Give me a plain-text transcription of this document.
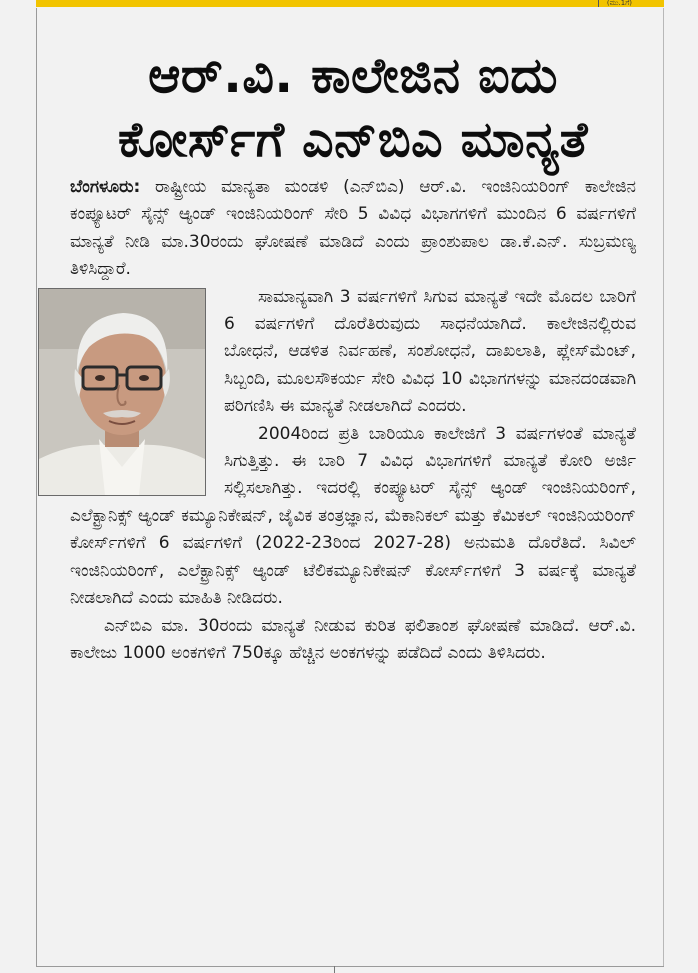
(ಮು.1ಗೆ)
ಆರ್.ವಿ. ಕಾಲೇಜಿನ ಐದು ಕೋರ್ಸ್‌ಗೆ ಎನ್‌ಬಿಎ ಮಾನ್ಯತೆ

ಬೆಂಗಳೂರು: ರಾಷ್ಟ್ರೀಯ ಮಾನ್ಯತಾ ಮಂಡಳಿ (ಎನ್‌ಬಿಎ) ಆರ್.ವಿ. ಇಂಜಿನಿಯರಿಂಗ್ ಕಾಲೇಜಿನ ಕಂಪ್ಯೂಟರ್ ಸೈನ್ಸ್ ಆ್ಯಂಡ್ ಇಂಜಿನಿಯರಿಂಗ್ ಸೇರಿ 5 ವಿವಿಧ ವಿಭಾಗಗಳಿಗೆ ಮುಂದಿನ 6 ವರ್ಷಗಳಿಗೆ ಮಾನ್ಯತೆ ನೀಡಿ ಮಾ.30ರಂದು ಘೋಷಣೆ ಮಾಡಿದೆ ಎಂದು ಪ್ರಾಂಶುಪಾಲ ಡಾ.ಕೆ.ಎನ್. ಸುಬ್ರಮಣ್ಯ ತಿಳಿಸಿದ್ದಾರೆ.

ಸಾಮಾನ್ಯವಾಗಿ 3 ವರ್ಷಗಳಿಗೆ ಸಿಗುವ ಮಾನ್ಯತೆ ಇದೇ ಮೊದಲ ಬಾರಿಗೆ 6 ವರ್ಷಗಳಿಗೆ ದೊರೆತಿರುವುದು ಸಾಧನೆಯಾಗಿದೆ. ಕಾಲೇಜಿನಲ್ಲಿರುವ ಬೋಧನೆ, ಆಡಳಿತ ನಿರ್ವಹಣೆ, ಸಂಶೋಧನೆ, ದಾಖಲಾತಿ, ಪ್ಲೇಸ್‌ಮೆಂಟ್, ಸಿಬ್ಬಂದಿ, ಮೂಲಸೌಕರ್ಯ ಸೇರಿ ವಿವಿಧ 10 ವಿಭಾಗಗಳನ್ನು ಮಾನದಂಡವಾಗಿ ಪರಿಗಣಿಸಿ ಈ ಮಾನ್ಯತೆ ನೀಡಲಾಗಿದೆ ಎಂದರು.

2004ರಿಂದ ಪ್ರತಿ ಬಾರಿಯೂ ಕಾಲೇಜಿಗೆ 3 ವರ್ಷಗಳಂತೆ ಮಾನ್ಯತೆ ಸಿಗುತ್ತಿತ್ತು. ಈ ಬಾರಿ 7 ವಿವಿಧ ವಿಭಾಗಗಳಿಗೆ ಮಾನ್ಯತೆ ಕೋರಿ ಅರ್ಜಿ ಸಲ್ಲಿಸಲಾಗಿತ್ತು. ಇದರಲ್ಲಿ ಕಂಪ್ಯೂಟರ್ ಸೈನ್ಸ್ ಆ್ಯಂಡ್ ಇಂಜಿನಿಯರಿಂಗ್, ಎಲೆಕ್ಟ್ರಾನಿಕ್ಸ್ ಆ್ಯಂಡ್ ಕಮ್ಯೂನಿಕೇಷನ್, ಜೈವಿಕ ತಂತ್ರಜ್ಞಾನ, ಮೆಕಾನಿಕಲ್ ಮತ್ತು ಕೆಮಿಕಲ್ ಇಂಜಿನಿಯರಿಂಗ್ ಕೋರ್ಸ್‌ಗಳಿಗೆ 6 ವರ್ಷಗಳಿಗೆ (2022-23ರಿಂದ 2027-28) ಅನುಮತಿ ದೊರೆತಿದೆ. ಸಿವಿಲ್ ಇಂಜಿನಿಯರಿಂಗ್, ಎಲೆಕ್ಟ್ರಾನಿಕ್ಸ್ ಆ್ಯಂಡ್ ಟೆಲಿಕಮ್ಯೂನಿಕೇಷನ್ ಕೋರ್ಸ್‌ಗಳಿಗೆ 3 ವರ್ಷಕ್ಕೆ ಮಾನ್ಯತೆ ನೀಡಲಾಗಿದೆ ಎಂದು ಮಾಹಿತಿ ನೀಡಿದರು.

ಎನ್‌ಬಿಎ ಮಾ. 30ರಂದು ಮಾನ್ಯತೆ ನೀಡುವ ಕುರಿತ ಫಲಿತಾಂಶ ಘೋಷಣೆ ಮಾಡಿದೆ. ಆರ್.ವಿ. ಕಾಲೇಜು 1000 ಅಂಕಗಳಿಗೆ 750ಕ್ಕೂ ಹೆಚ್ಚಿನ ಅಂಕಗಳನ್ನು ಪಡೆದಿದೆ ಎಂದು ತಿಳಿಸಿದರು.
